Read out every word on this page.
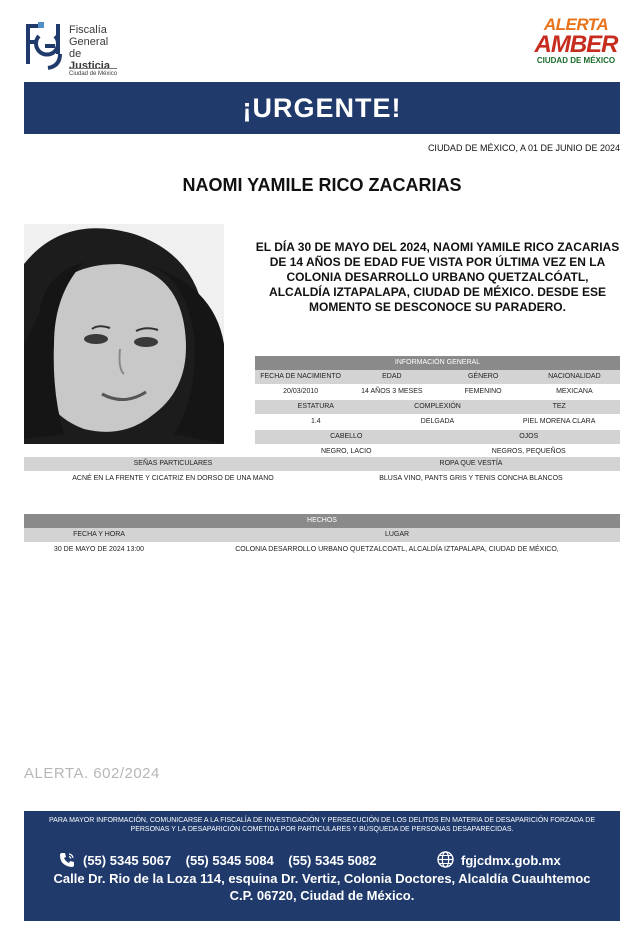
Fiscalía
General
de Justicia
Ciudad de México
ALERTA
AMBER
CIUDAD DE MÉXICO
¡URGENTE!
CIUDAD DE MÉXICO, A 01 DE JUNIO DE 2024
NAOMI YAMILE RICO ZACARIAS
EL DÍA 30 DE MAYO DEL 2024, NAOMI YAMILE RICO ZACARIAS DE 14 AÑOS DE EDAD FUE VISTA POR ÚLTIMA VEZ EN LA COLONIA DESARROLLO URBANO QUETZALCÓATL, ALCALDÍA IZTAPALAPA, CIUDAD DE MÉXICO. DESDE ESE MOMENTO SE DESCONOCE SU PARADERO.
INFORMACIÓN GENERAL
FECHA DE NACIMIENTO	EDAD	GÉNERO	NACIONALIDAD
20/03/2010	14 AÑOS 3 MESES	FEMENINO	MEXICANA
ESTATURA	COMPLEXIÓN	TEZ
1.4	DELGADA	PIEL MORENA CLARA
CABELLO	OJOS
NEGRO, LACIO	NEGROS, PEQUEÑOS
SEÑAS PARTICULARES	ROPA QUE VESTÍA
ACNÉ EN LA FRENTE Y CICATRIZ EN DORSO DE UNA MANO	BLUSA VINO, PANTS GRIS Y TENIS CONCHA BLANCOS
HECHOS
FECHA Y HORA	LUGAR
30 DE MAYO DE 2024 13:00	COLONIA DESARROLLO URBANO QUETZALCOATL, ALCALDÍA IZTAPALAPA, CIUDAD DE MÉXICO,
ALERTA. 602/2024
PARA MAYOR INFORMACIÓN, COMUNICARSE A LA FISCALÍA DE INVESTIGACIÓN Y PERSECUCIÓN DE LOS DELITOS EN MATERIA DE DESAPARICIÓN FORZADA DE PERSONAS Y LA DESAPARICIÓN COMETIDA POR PARTICULARES Y BÚSQUEDA DE PERSONAS DESAPARECIDAS.
(55) 5345 5067    (55) 5345 5084    (55) 5345 5082	fgjcdmx.gob.mx
Calle Dr. Rio de la Loza 114, esquina Dr. Vertiz, Colonia Doctores, Alcaldía Cuauhtemoc
C.P. 06720, Ciudad de México.
